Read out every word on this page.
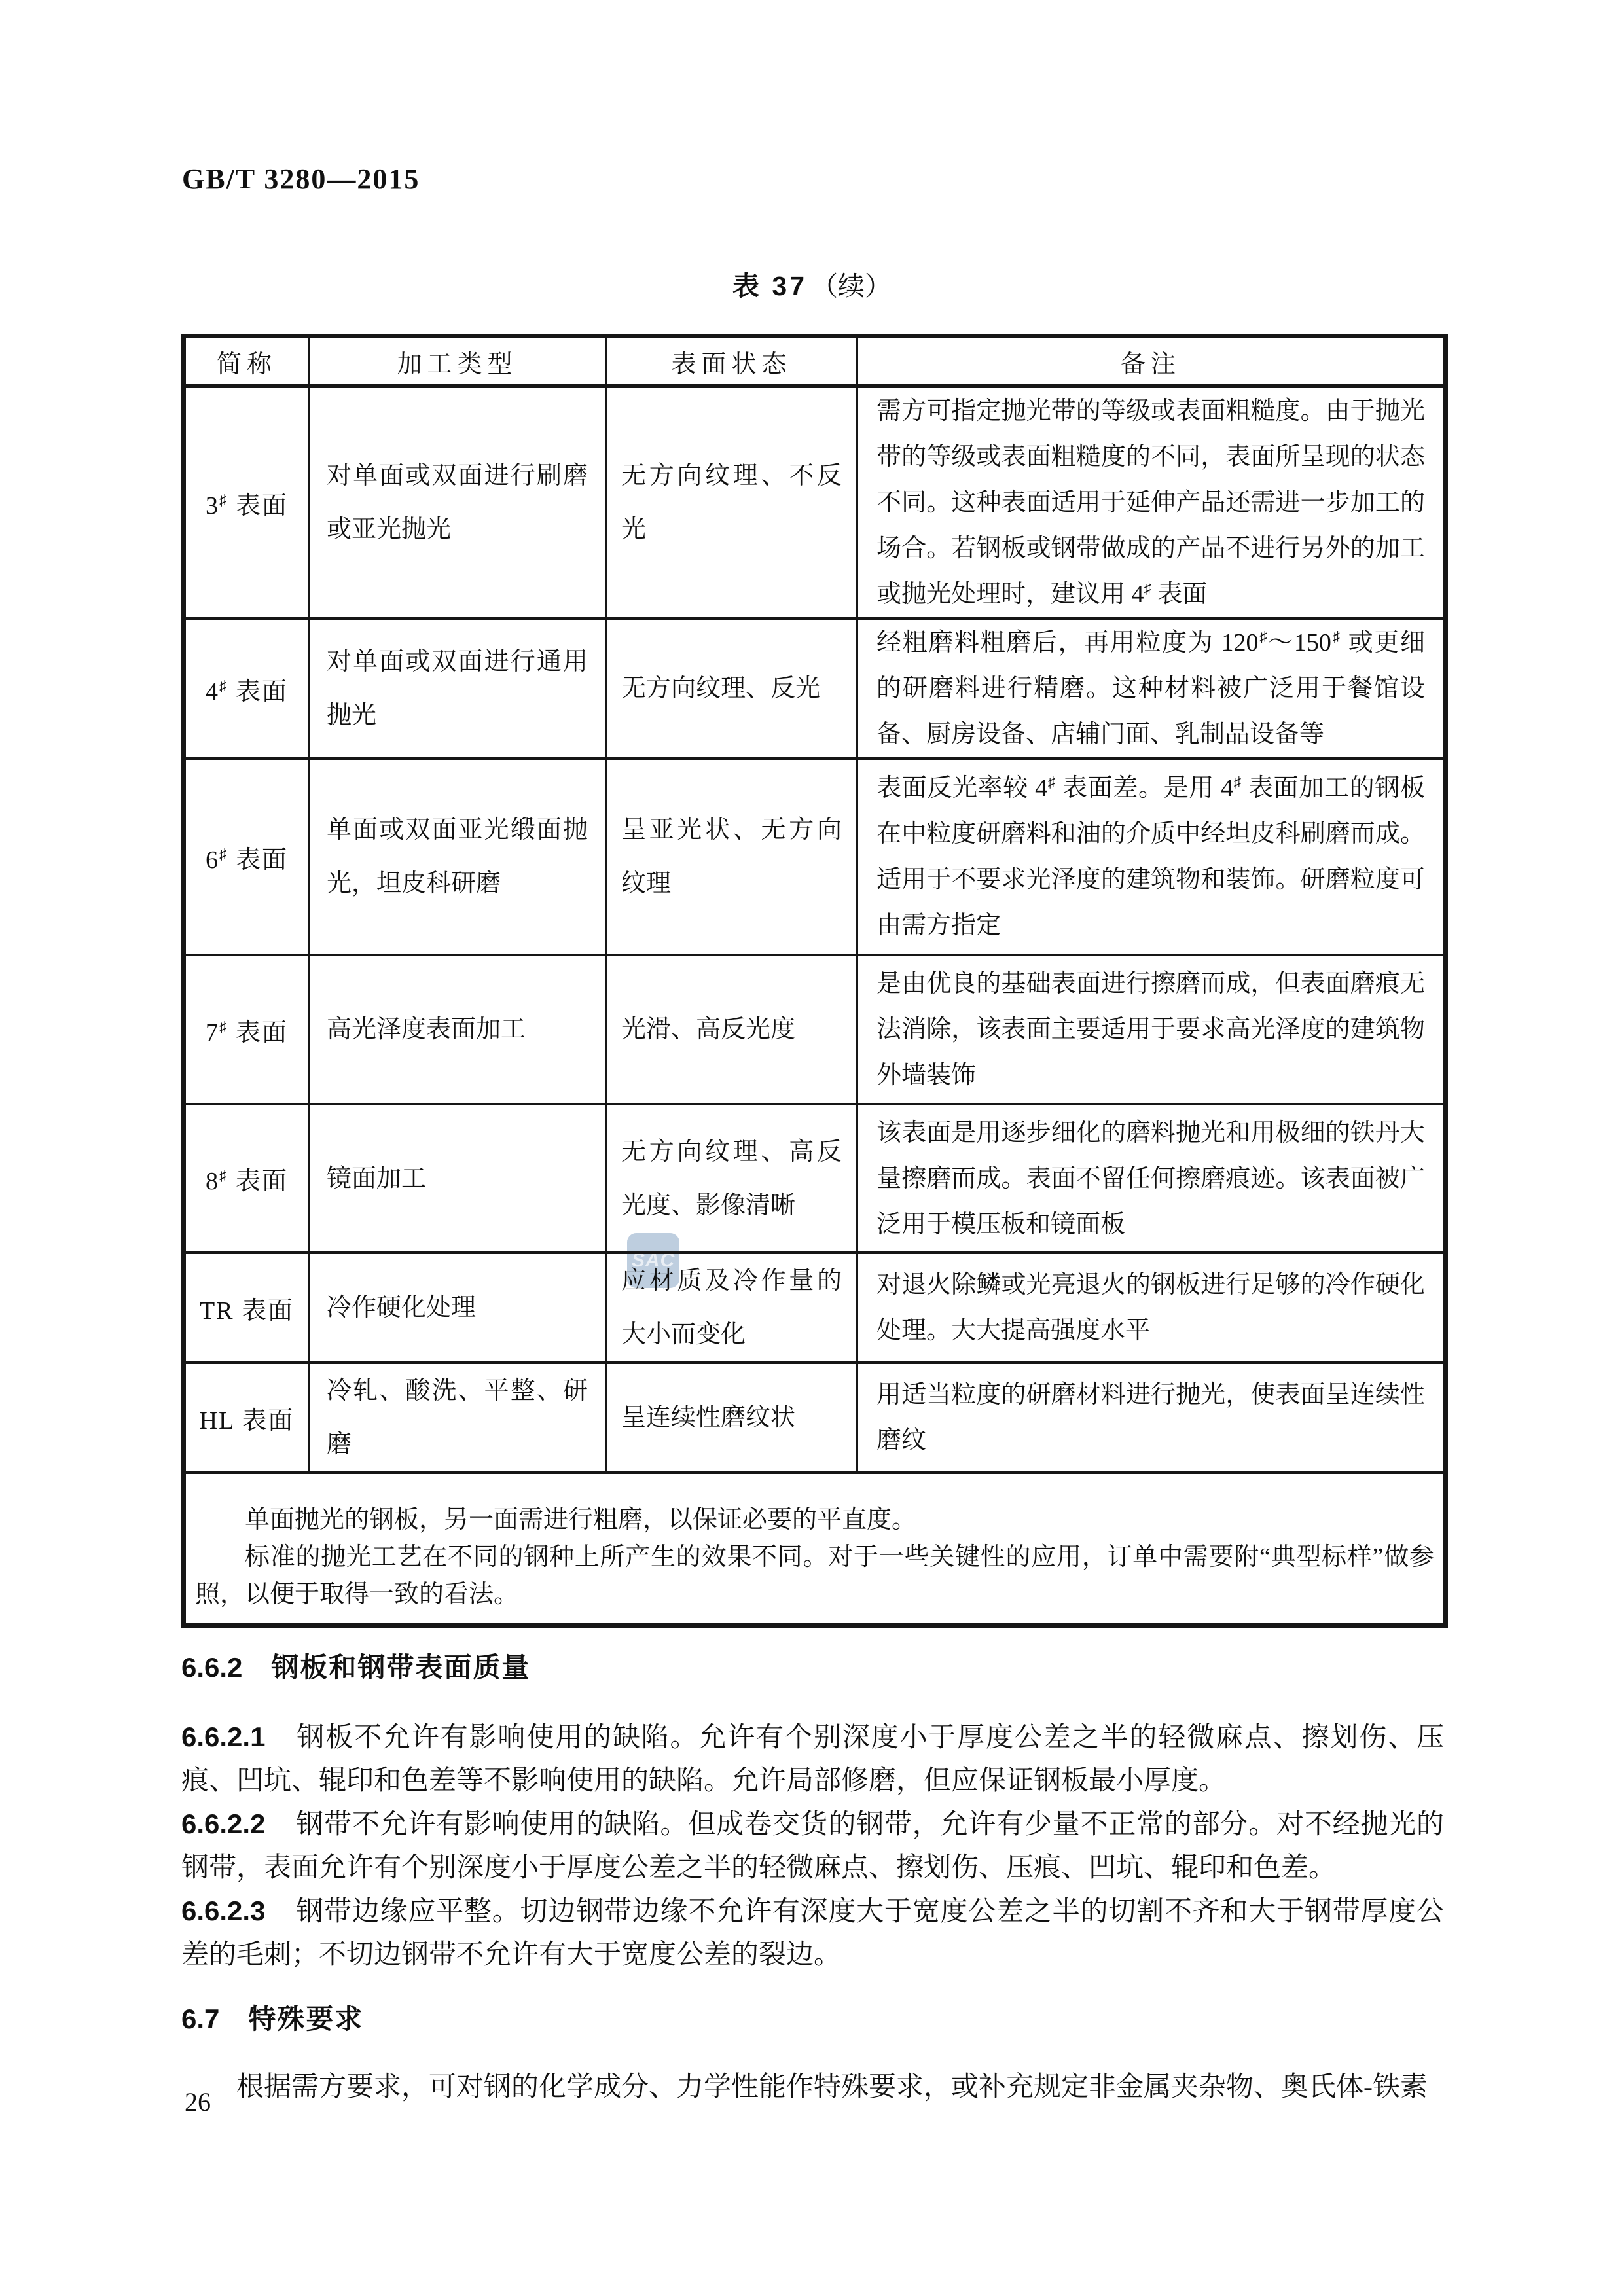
GB/T 3280—2015
表 37 （续）
SAC
简称	加工类型	表面状态	备注
3♯ 表面	对单面或双面进行刷磨或亚光抛光	无方向纹理、不反光	需方可指定抛光带的等级或表面粗糙度。由于抛光带的等级或表面粗糙度的不同，表面所呈现的状态不同。这种表面适用于延伸产品还需进一步加工的场合。若钢板或钢带做成的产品不进行另外的加工或抛光处理时，建议用 4♯ 表面
4♯ 表面	对单面或双面进行通用抛光	无方向纹理、反光	经粗磨料粗磨后，再用粒度为 120♯～150♯ 或更细的研磨料进行精磨。这种材料被广泛用于餐馆设备、厨房设备、店辅门面、乳制品设备等
6♯ 表面	单面或双面亚光缎面抛光，坦皮科研磨	呈亚光状、无方向纹理	表面反光率较 4♯ 表面差。是用 4♯ 表面加工的钢板在中粒度研磨料和油的介质中经坦皮科刷磨而成。适用于不要求光泽度的建筑物和装饰。研磨粒度可由需方指定
7♯ 表面	高光泽度表面加工	光滑、高反光度	是由优良的基础表面进行擦磨而成，但表面磨痕无法消除，该表面主要适用于要求高光泽度的建筑物外墙装饰
8♯ 表面	镜面加工	无方向纹理、高反光度、影像清晰	该表面是用逐步细化的磨料抛光和用极细的铁丹大量擦磨而成。表面不留任何擦磨痕迹。该表面被广泛用于模压板和镜面板
TR 表面	冷作硬化处理	应材质及冷作量的大小而变化	对退火除鳞或光亮退火的钢板进行足够的冷作硬化处理。大大提高强度水平
HL 表面	冷轧、酸洗、平整、研磨	呈连续性磨纹状	用适当粒度的研磨材料进行抛光，使表面呈连续性磨纹

单面抛光的钢板，另一面需进行粗磨，以保证必要的平直度。

标准的抛光工艺在不同的钢种上所产生的效果不同。对于一些关键性的应用，订单中需要附“典型标样”做参照，以便于取得一致的看法。			

6.6.2 钢板和钢带表面质量

6.6.2.1 钢板不允许有影响使用的缺陷。允许有个别深度小于厚度公差之半的轻微麻点、擦划伤、压痕、凹坑、辊印和色差等不影响使用的缺陷。允许局部修磨，但应保证钢板最小厚度。

6.6.2.2 钢带不允许有影响使用的缺陷。但成卷交货的钢带，允许有少量不正常的部分。对不经抛光的钢带，表面允许有个别深度小于厚度公差之半的轻微麻点、擦划伤、压痕、凹坑、辊印和色差。

6.6.2.3 钢带边缘应平整。切边钢带边缘不允许有深度大于宽度公差之半的切割不齐和大于钢带厚度公差的毛刺；不切边钢带不允许有大于宽度公差的裂边。

6.7 特殊要求

根据需方要求，可对钢的化学成分、力学性能作特殊要求，或补充规定非金属夹杂物、奥氏体-铁素

26
